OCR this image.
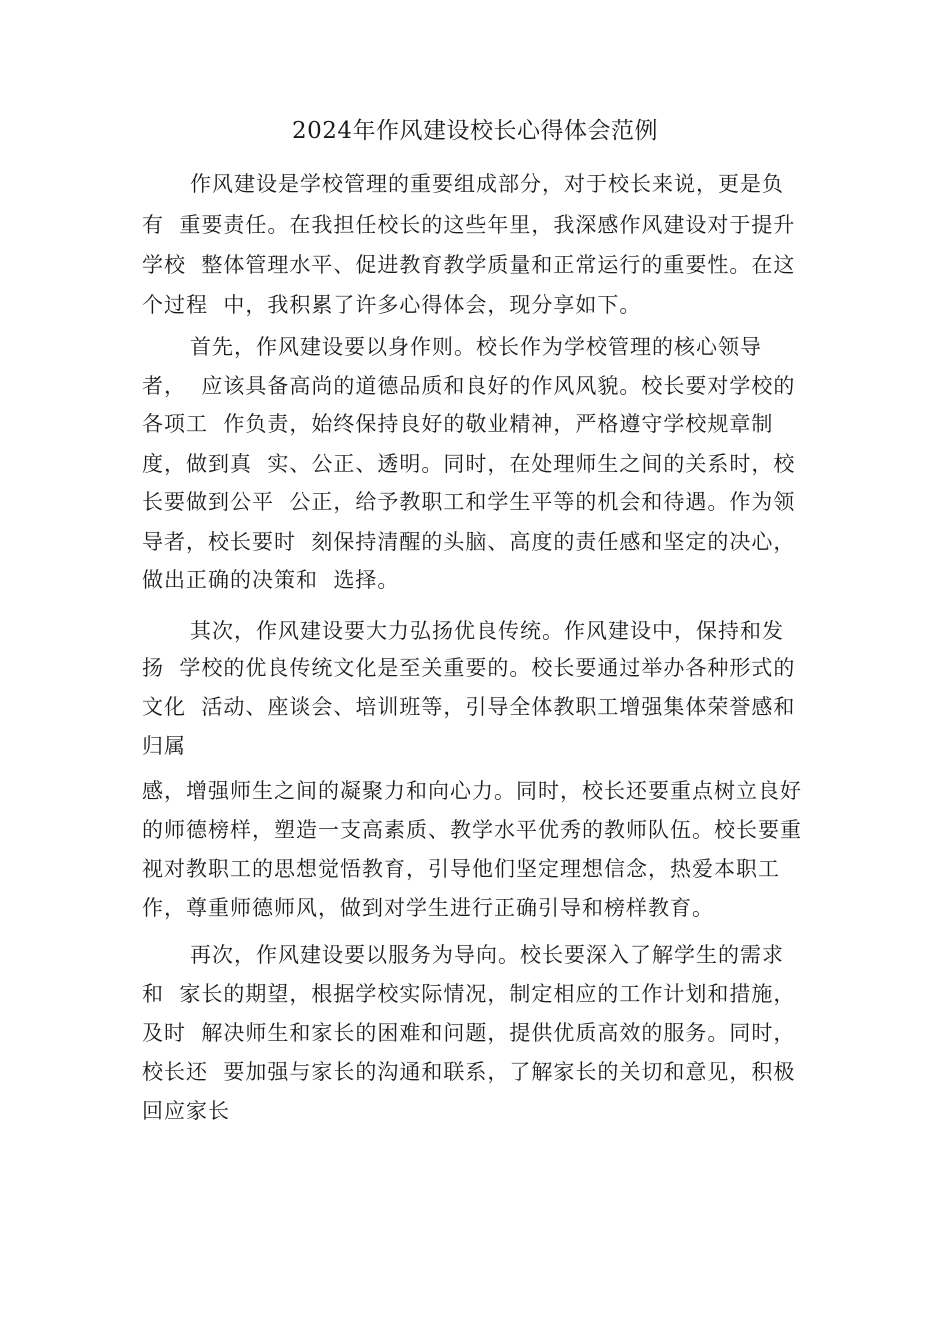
2024年作风建设校长心得体会范例
作风建设是学校管理的重要组成部分，对于校长来说，更是负
有  重要责任。在我担任校长的这些年里，我深感作风建设对于提升
学校  整体管理水平、促进教育教学质量和正常运行的重要性。在这
个过程  中，我积累了许多心得体会，现分享如下。
首先，作风建设要以身作则。校长作为学校管理的核心领导
者，  应该具备高尚的道德品质和良好的作风风貌。校长要对学校的
各项工  作负责，始终保持良好的敬业精神，严格遵守学校规章制
度，做到真  实、公正、透明。同时，在处理师生之间的关系时，校
长要做到公平  公正，给予教职工和学生平等的机会和待遇。作为领
导者，校长要时  刻保持清醒的头脑、高度的责任感和坚定的决心，
做出正确的决策和  选择。
其次，作风建设要大力弘扬优良传统。作风建设中，保持和发
扬  学校的优良传统文化是至关重要的。校长要通过举办各种形式的
文化  活动、座谈会、培训班等，引导全体教职工增强集体荣誉感和
归属
感，增强师生之间的凝聚力和向心力。同时，校长还要重点树立良好
的师德榜样，塑造一支高素质、教学水平优秀的教师队伍。校长要重
视对教职工的思想觉悟教育，引导他们坚定理想信念，热爱本职工
作，尊重师德师风，做到对学生进行正确引导和榜样教育。
再次，作风建设要以服务为导向。校长要深入了解学生的需求
和  家长的期望，根据学校实际情况，制定相应的工作计划和措施，
及时  解决师生和家长的困难和问题，提供优质高效的服务。同时，
校长还  要加强与家长的沟通和联系，了解家长的关切和意见，积极
回应家长
